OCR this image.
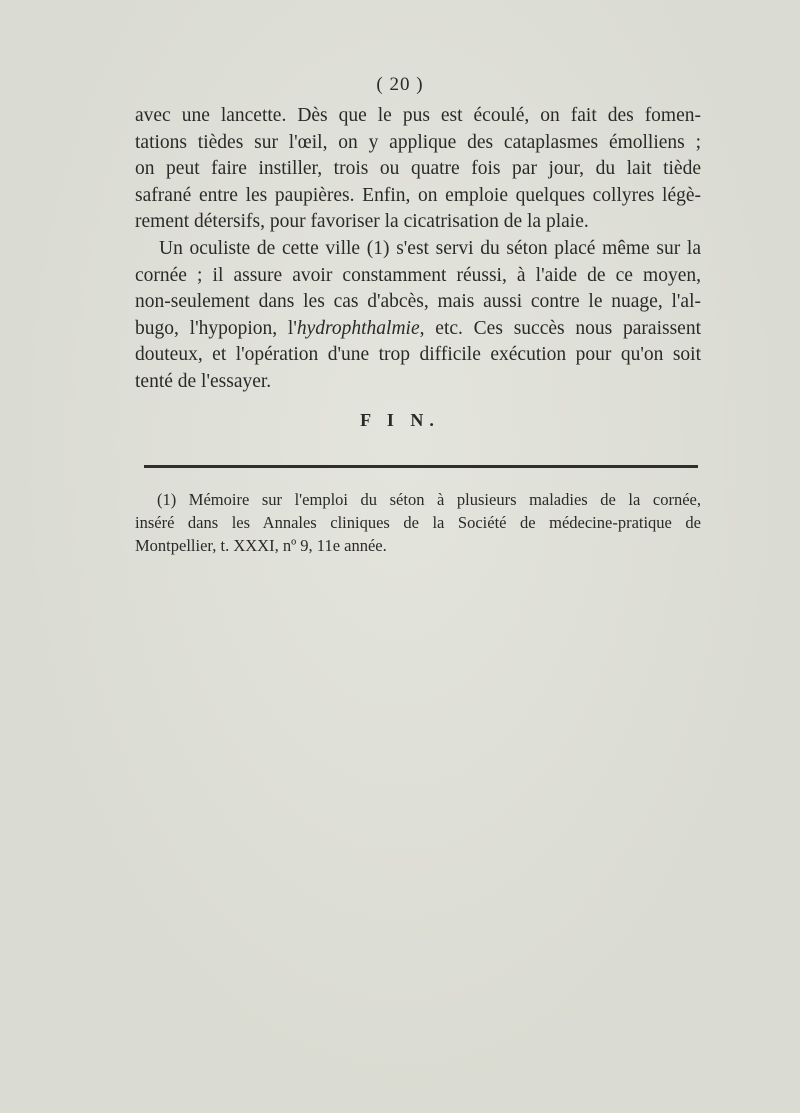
( 20 )
avec une lancette. Dès que le pus est écoulé, on fait des fomen-
tations tièdes sur l'œil, on y applique des cataplasmes émolliens ;
on peut faire instiller, trois ou quatre fois par jour, du lait tiède
safrané entre les paupières. Enfin, on emploie quelques collyres légè-
rement détersifs, pour favoriser la cicatrisation de la plaie.
Un oculiste de cette ville (1) s'est servi du séton placé même sur la
cornée ; il assure avoir constamment réussi, à l'aide de ce moyen,
non-seulement dans les cas d'abcès, mais aussi contre le nuage, l'al-
bugo, l'hypopion, l'hydrophthalmie, etc. Ces succès nous paraissent
douteux, et l'opération d'une trop difficile exécution pour qu'on soit
tenté de l'essayer.
F I N.
(1) Mémoire sur l'emploi du séton à plusieurs maladies de la cornée,
inséré dans les Annales cliniques de la Société de médecine-pratique de
Montpellier, t. XXXI, nº 9, 11e année.
